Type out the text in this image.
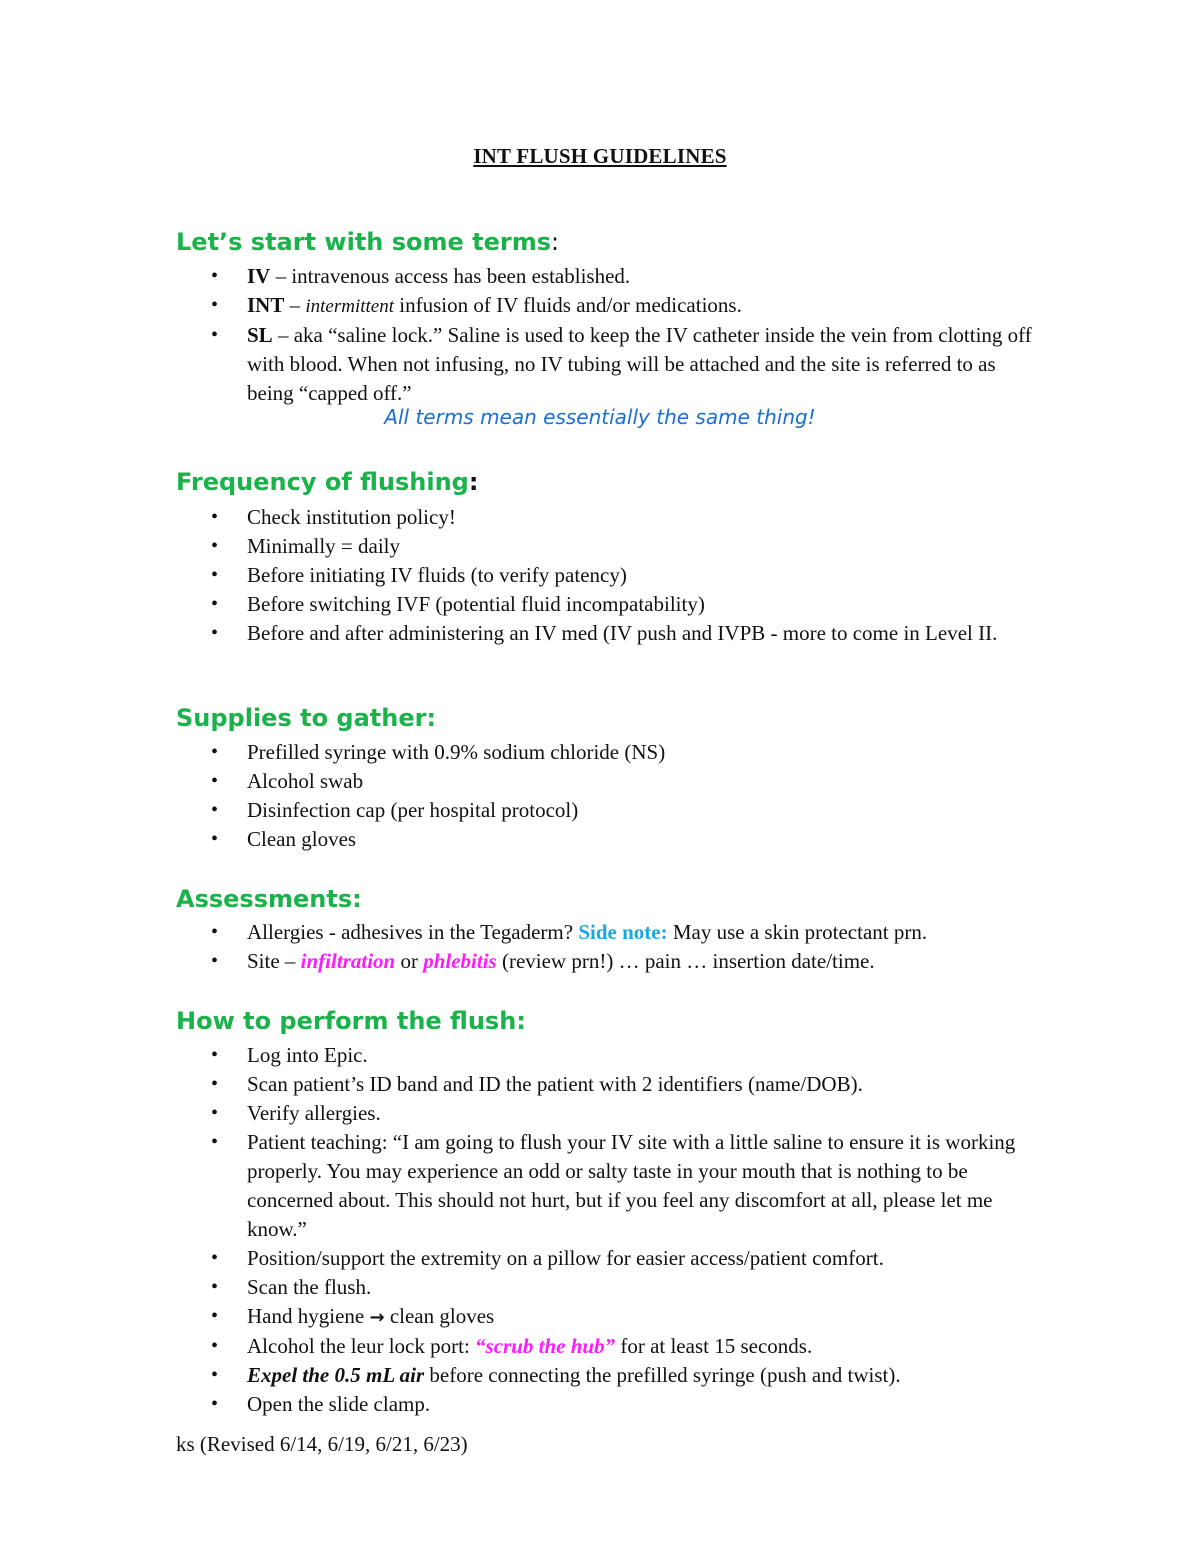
INT FLUSH GUIDELINES
Let’s start with some terms:
• IV – intravenous access has been established.
• INT – intermittent infusion of IV fluids and/or medications.
• SL – aka “saline lock.” Saline is used to keep the IV catheter inside the vein from clotting off with blood. When not infusing, no IV tubing will be attached and the site is referred to as being “capped off.”
All terms mean essentially the same thing!
Frequency of flushing:
• Check institution policy!
• Minimally = daily
• Before initiating IV fluids (to verify patency)
• Before switching IVF (potential fluid incompatability)
• Before and after administering an IV med (IV push and IVPB - more to come in Level II.
Supplies to gather:
• Prefilled syringe with 0.9% sodium chloride (NS)
• Alcohol swab
• Disinfection cap (per hospital protocol)
• Clean gloves
Assessments:
• Allergies - adhesives in the Tegaderm? Side note: May use a skin protectant prn.
• Site – infiltration or phlebitis (review prn!) … pain … insertion date/time.
How to perform the flush:
• Log into Epic.
• Scan patient’s ID band and ID the patient with 2 identifiers (name/DOB).
• Verify allergies.
• Patient teaching: “I am going to flush your IV site with a little saline to ensure it is working properly. You may experience an odd or salty taste in your mouth that is nothing to be concerned about. This should not hurt, but if you feel any discomfort at all, please let me know.”
• Position/support the extremity on a pillow for easier access/patient comfort.
• Scan the flush.
• Hand hygiene → clean gloves
• Alcohol the leur lock port: “scrub the hub” for at least 15 seconds.
• Expel the 0.5 mL air before connecting the prefilled syringe (push and twist).
• Open the slide clamp.
ks (Revised 6/14, 6/19, 6/21, 6/23)
